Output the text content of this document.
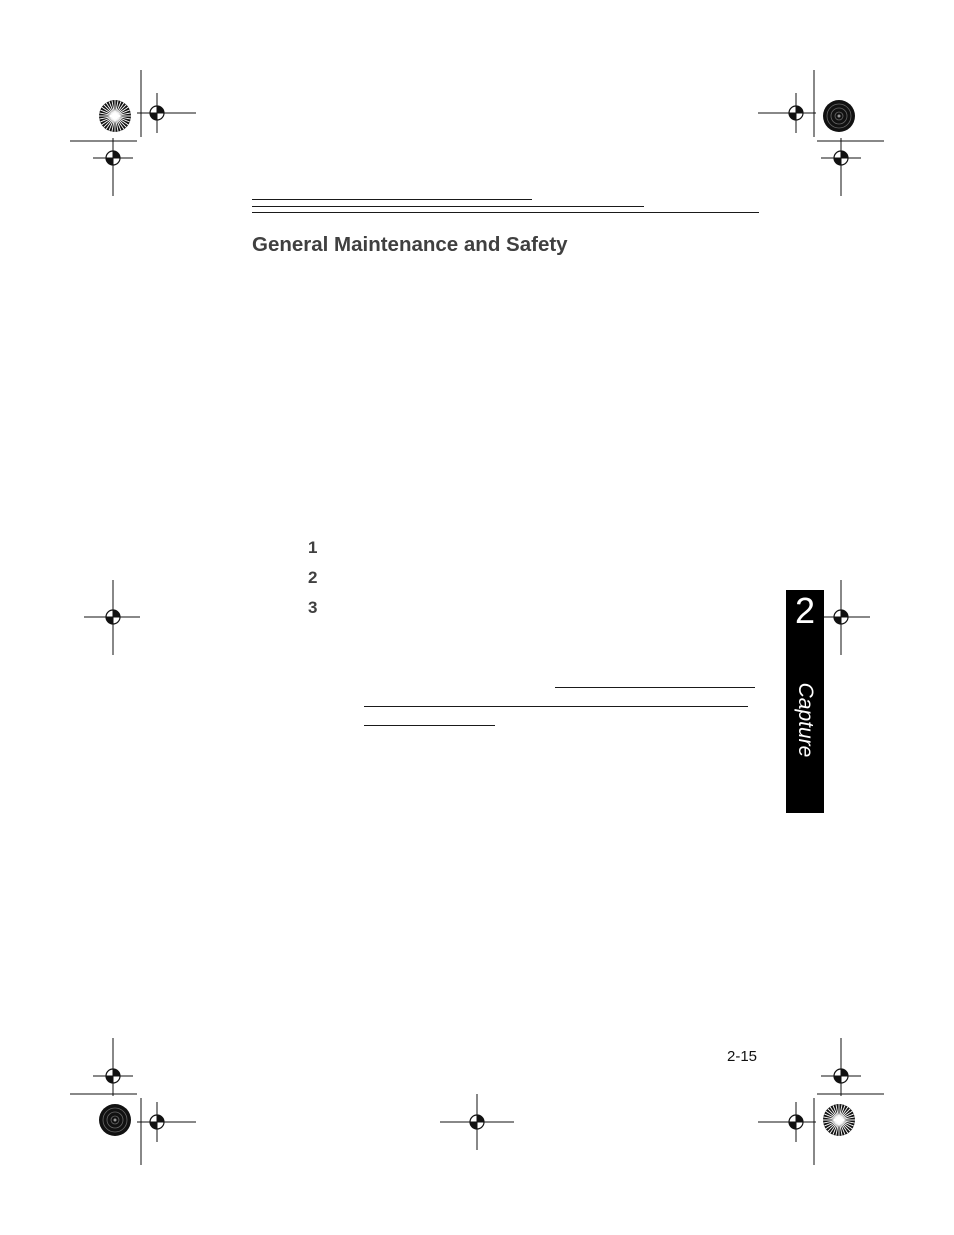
General Maintenance and Safety
1
2
3	2
Capture
2-15
